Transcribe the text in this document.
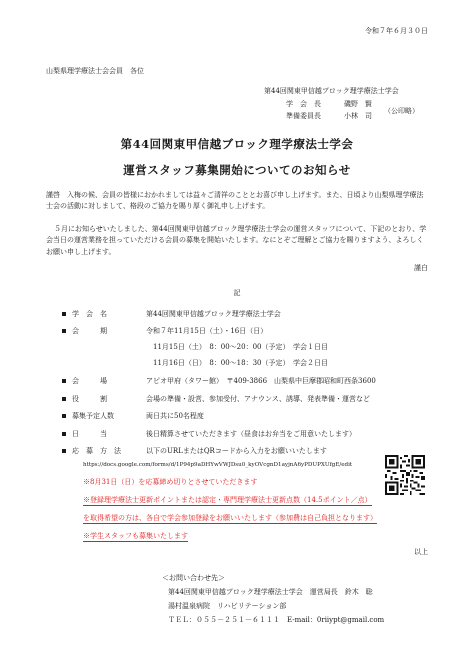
令和７年６月３０日
山梨県理学療法士会会員　各位
第44回関東甲信越ブロック理学療法士学会
学　会　長	磯野　賢
準備委員長	小林　司
（公印略）
第44回関東甲信越ブロック理学療法士学会
運営スタッフ募集開始についてのお知らせ
謹啓　入梅の候、会員の皆様におかれましては益々ご清祥のこととお喜び申し上げます。また、日頃より山梨県理学療法士会の活動に対しまして、格段のご協力を賜り厚く御礼申し上げます。
５月にお知らせいたしました、第44回関東甲信越ブロック理学療法士学会の運営スタッフについて、下記のとおり、学会当日の運営業務を担っていただける会員の募集を開始いたします。なにとぞご理解とご協力を賜りますよう、よろしくお願い申し上げます。
謹白
記
学　会　名	第44回関東甲信越ブロック理学療法士学会
会　　　期	令和７年11月15日（土）・16日（日）
11月15日（土）　8：00～20：00（予定）　学会１日目
11月16日（日）　8：00～18：30（予定）　学会２日目
会　　　場	アピオ甲府（タワー館）　〒409-3866　山梨県中巨摩郡昭和町西条3600
役　　　割	会場の準備・設営、参加受付、アナウンス、誘導、発表準備・運営など
募集予定人数	両日共に50名程度
日　　　当	後日精算させていただきます（昼食はお弁当をご用意いたします）
応　募　方　法	以下のURLまたはQRコードから入力をお願いいたします
https://docs.google.com/forms/d/1P94p9aDHYwVWJDsu0_kyOVcgnD1ayjnA6yPDUPXUfgE/edit
※8月31日（日）を応募締め切りとさせていただきます
※登録理学療法士更新ポイントまたは認定・専門理学療法士更新点数（14.5ポイント／点）
を取得希望の方は、各自で学会参加登録をお願いいたします（参加費は自己負担となります）
※学生スタッフも募集いたします
以上
＜お問い合わせ先＞
第44回関東甲信越ブロック理学療法士学会　運営局長　鈴木　聡
湯村温泉病院　リハビリテーション部
ＴＥＬ：０５５－２５１－６１１１　E-mail：0riiypt@gmail.com
